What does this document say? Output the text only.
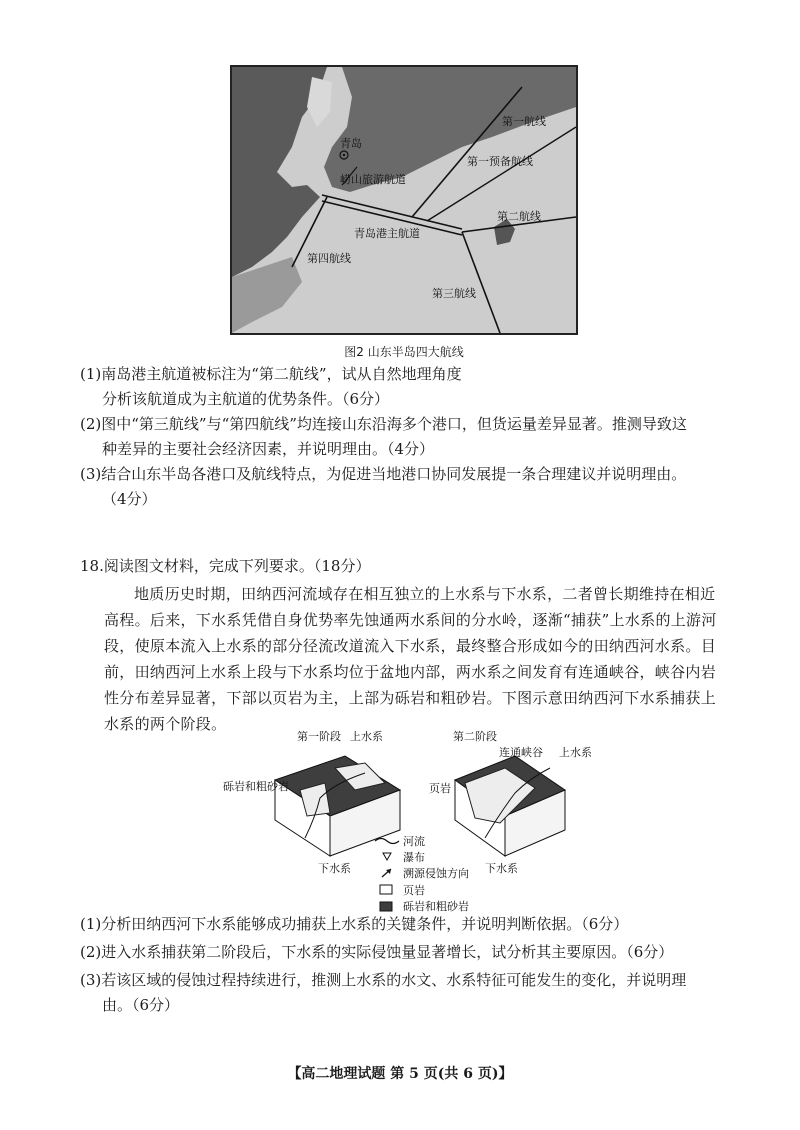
青岛
崂山旅游航道
青岛港主航道
第一航线
第一预备航线
第二航线
第三航线
第四航线
图2 山东半岛四大航线
(1)南岛港主航道被标注为“第二航线”，试从自然地理角度
分析该航道成为主航道的优势条件。（6分）
(2)图中“第三航线”与“第四航线”均连接山东沿海多个港口，但货运量差异显著。推测导致这
种差异的主要社会经济因素，并说明理由。（4分）
(3)结合山东半岛各港口及航线特点，为促进当地港口协同发展提一条合理建议并说明理由。
（4分）
18.阅读图文材料，完成下列要求。（18分）
地质历史时期，田纳西河流域存在相互独立的上水系与下水系，二者曾长期维持在相近高程。后来，下水系凭借自身优势率先蚀通两水系间的分水岭，逐渐“捕获”上水系的上游河段，使原本流入上水系的部分径流改道流入下水系，最终整合形成如今的田纳西河水系。目前，田纳西河上水系上段与下水系均位于盆地内部，两水系之间发育有连通峡谷，峡谷内岩性分布差异显著，下部以页岩为主，上部为砾岩和粗砂岩。下图示意田纳西河下水系捕获上水系的两个阶段。
第一阶段 上水系
砾岩和粗砂岩
下水系
第二阶段
连通峡谷 上水系
页岩
下水系
河流
瀑布
溯源侵蚀方向
页岩
砾岩和粗砂岩
(1)分析田纳西河下水系能够成功捕获上水系的关键条件，并说明判断依据。（6分）
(2)进入水系捕获第二阶段后，下水系的实际侵蚀量显著增长，试分析其主要原因。（6分）
(3)若该区域的侵蚀过程持续进行，推测上水系的水文、水系特征可能发生的变化，并说明理
由。（6分）
【高二地理试题 第 5 页(共 6 页)】
